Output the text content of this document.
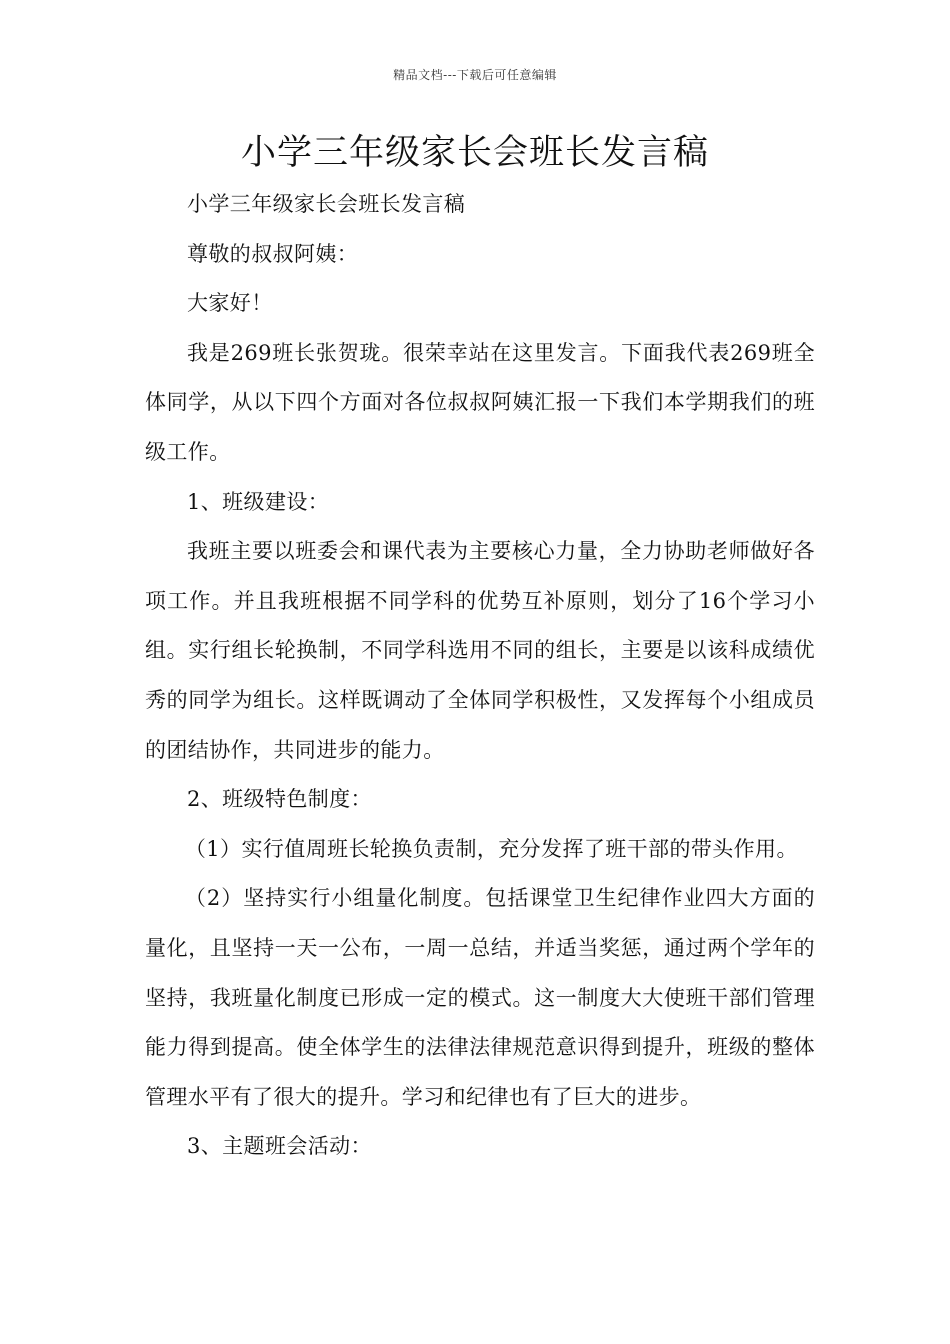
精品文档---下载后可任意编辑
小学三年级家长会班长发言稿

小学三年级家长会班长发言稿

尊敬的叔叔阿姨：

大家好！

我是269班长张贺珑。很荣幸站在这里发言。下面我代表269班全体同学，从以下四个方面对各位叔叔阿姨汇报一下我们本学期我们的班级工作。

1、班级建设：

我班主要以班委会和课代表为主要核心力量，全力协助老师做好各项工作。并且我班根据不同学科的优势互补原则，划分了16个学习小组。实行组长轮换制，不同学科选用不同的组长，主要是以该科成绩优秀的同学为组长。这样既调动了全体同学积极性，又发挥每个小组成员的团结协作，共同进步的能力。

2、班级特色制度：

（1）实行值周班长轮换负责制，充分发挥了班干部的带头作用。

（2）坚持实行小组量化制度。包括课堂卫生纪律作业四大方面的量化，且坚持一天一公布，一周一总结，并适当奖惩，通过两个学年的坚持，我班量化制度已形成一定的模式。这一制度大大使班干部们管理能力得到提高。使全体学生的法律法律规范意识得到提升，班级的整体管理水平有了很大的提升。学习和纪律也有了巨大的进步。

3、主题班会活动：
